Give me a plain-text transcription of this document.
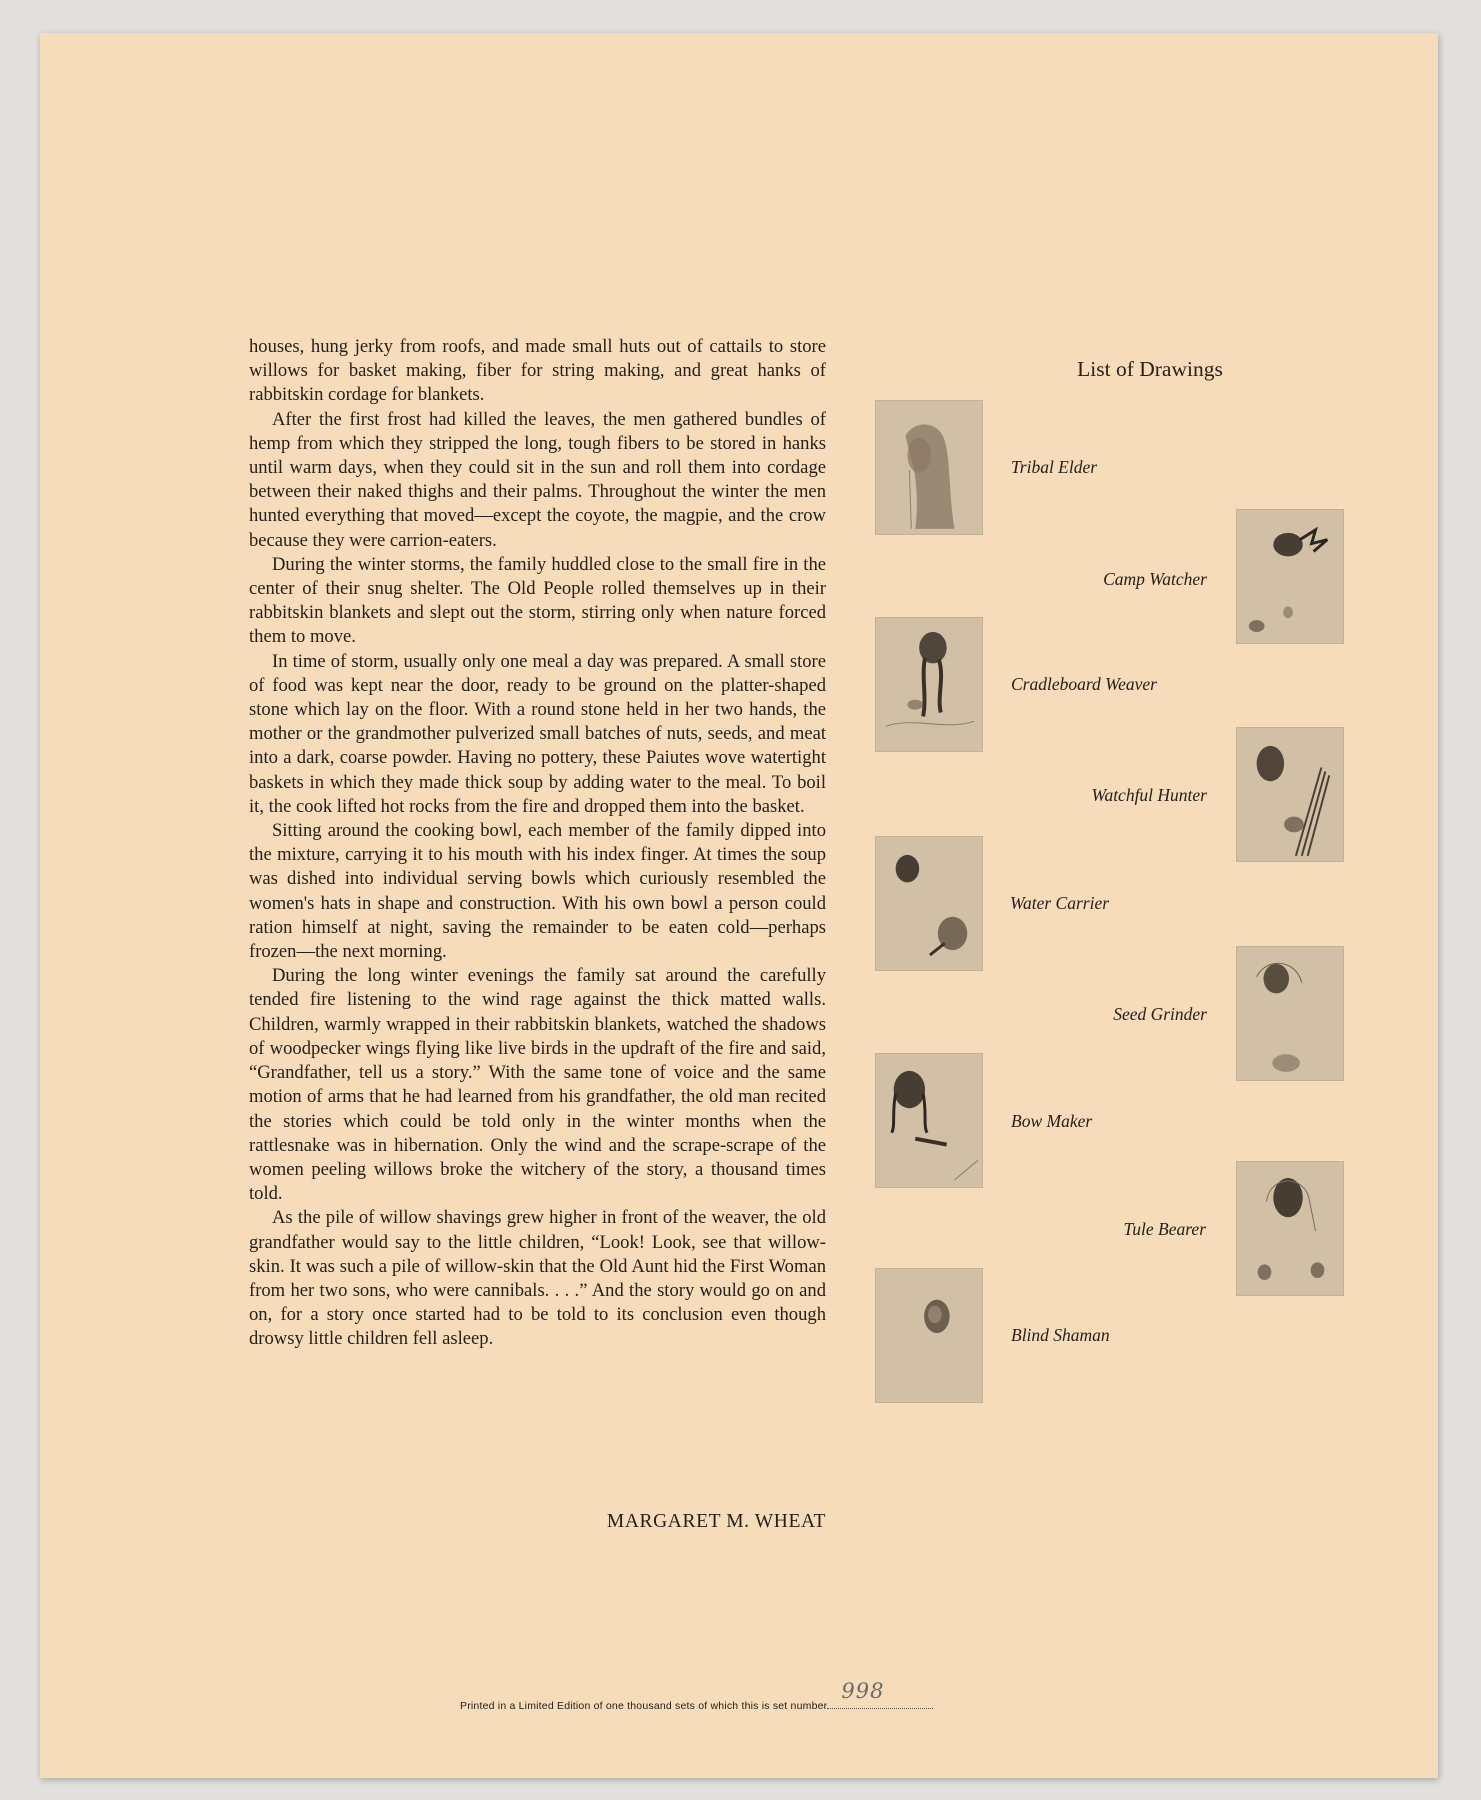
houses, hung jerky from roofs, and made small huts out of cattails to store willows for basket making, fiber for string making, and great hanks of rabbitskin cordage for blankets.

After the first frost had killed the leaves, the men gathered bundles of hemp from which they stripped the long, tough fibers to be stored in hanks until warm days, when they could sit in the sun and roll them into cordage between their naked thighs and their palms. Throughout the winter the men hunted everything that moved—except the coyote, the magpie, and the crow because they were carrion-eaters.

During the winter storms, the family huddled close to the small fire in the center of their snug shelter. The Old People rolled themselves up in their rabbitskin blankets and slept out the storm, stirring only when nature forced them to move.

In time of storm, usually only one meal a day was prepared. A small store of food was kept near the door, ready to be ground on the platter-shaped stone which lay on the floor. With a round stone held in her two hands, the mother or the grandmother pulverized small batches of nuts, seeds, and meat into a dark, coarse powder. Having no pottery, these Paiutes wove watertight baskets in which they made thick soup by adding water to the meal. To boil it, the cook lifted hot rocks from the fire and dropped them into the basket.

Sitting around the cooking bowl, each member of the family dipped into the mixture, carrying it to his mouth with his index finger. At times the soup was dished into individual serving bowls which curiously resembled the women's hats in shape and construction. With his own bowl a person could ration himself at night, saving the remainder to be eaten cold—perhaps frozen—the next morning.

During the long winter evenings the family sat around the carefully tended fire listening to the wind rage against the thick matted walls. Children, warmly wrapped in their rabbitskin blankets, watched the shadows of woodpecker wings flying like live birds in the updraft of the fire and said, “Grandfather, tell us a story.” With the same tone of voice and the same motion of arms that he had learned from his grandfather, the old man recited the stories which could be told only in the winter months when the rattlesnake was in hibernation. Only the wind and the scrape-scrape of the women peeling willows broke the witchery of the story, a thousand times told.

As the pile of willow shavings grew higher in front of the weaver, the old grandfather would say to the little children, “Look! Look, see that willow-skin. It was such a pile of willow-skin that the Old Aunt hid the First Woman from her two sons, who were cannibals. . . .” And the story would go on and on, for a story once started had to be told to its conclusion even though drowsy little children fell asleep.

MARGARET M. WHEAT
List of Drawings
Tribal Elder
Camp Watcher
Cradleboard Weaver
Watchful Hunter
Water Carrier
Seed Grinder
Bow Maker
Tule Bearer
Blind Shaman
Printed in a Limited Edition of one thousand sets of which this is set number
998
